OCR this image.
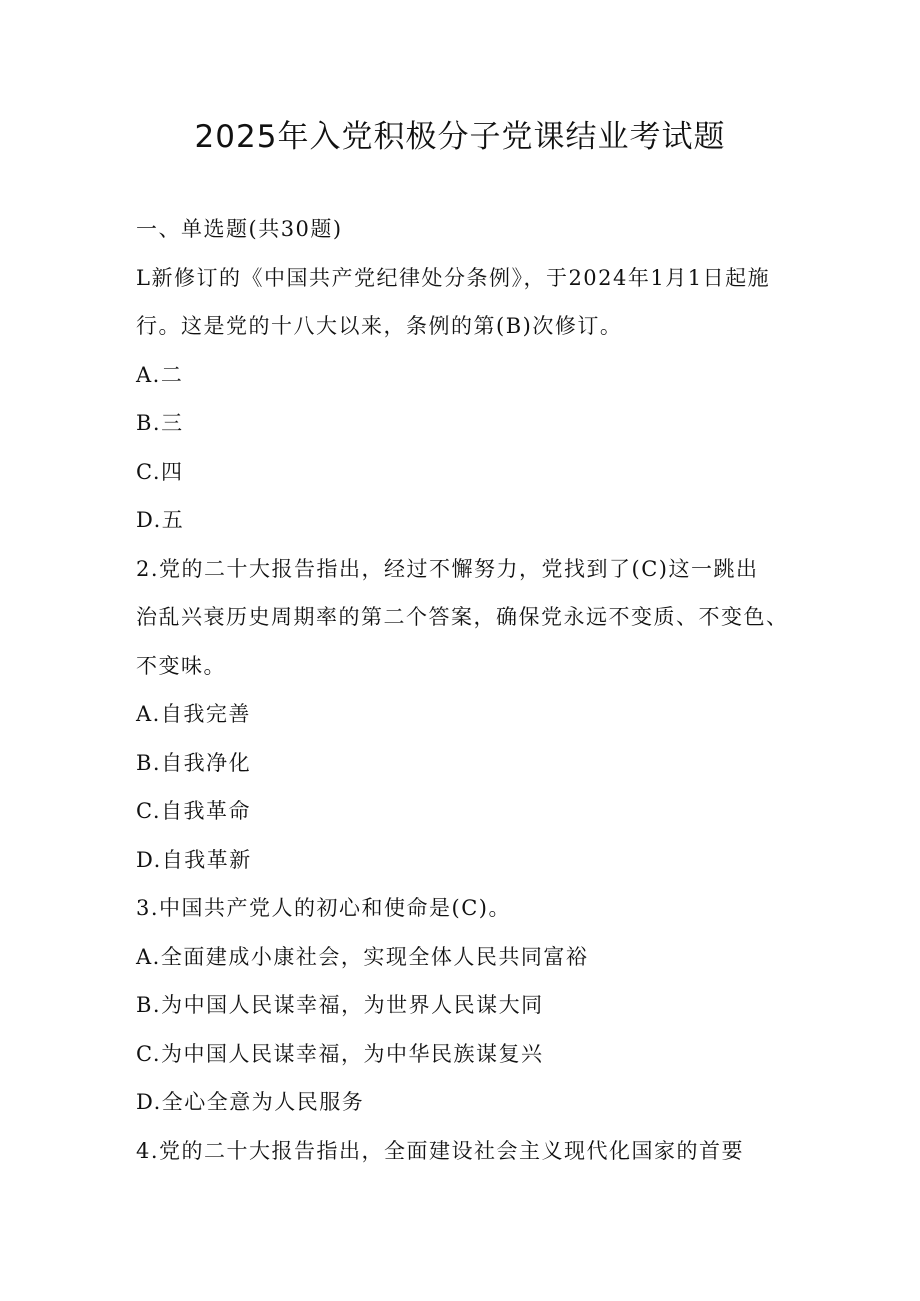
2025年入党积极分子党课结业考试题
一、单选题(共30题)
L新修订的《中国共产党纪律处分条例》，于2024年1月1日起施
行。这是党的十八大以来，条例的第(B)次修订。
A.二
B.三
C.四
D.五
2.党的二十大报告指出，经过不懈努力，党找到了(C)这一跳出
治乱兴衰历史周期率的第二个答案，确保党永远不变质、不变色、
不变味。
A.自我完善
B.自我净化
C.自我革命
D.自我革新
3.中国共产党人的初心和使命是(C)。
A.全面建成小康社会，实现全体人民共同富裕
B.为中国人民谋幸福，为世界人民谋大同
C.为中国人民谋幸福，为中华民族谋复兴
D.全心全意为人民服务
4.党的二十大报告指出，全面建设社会主义现代化国家的首要
